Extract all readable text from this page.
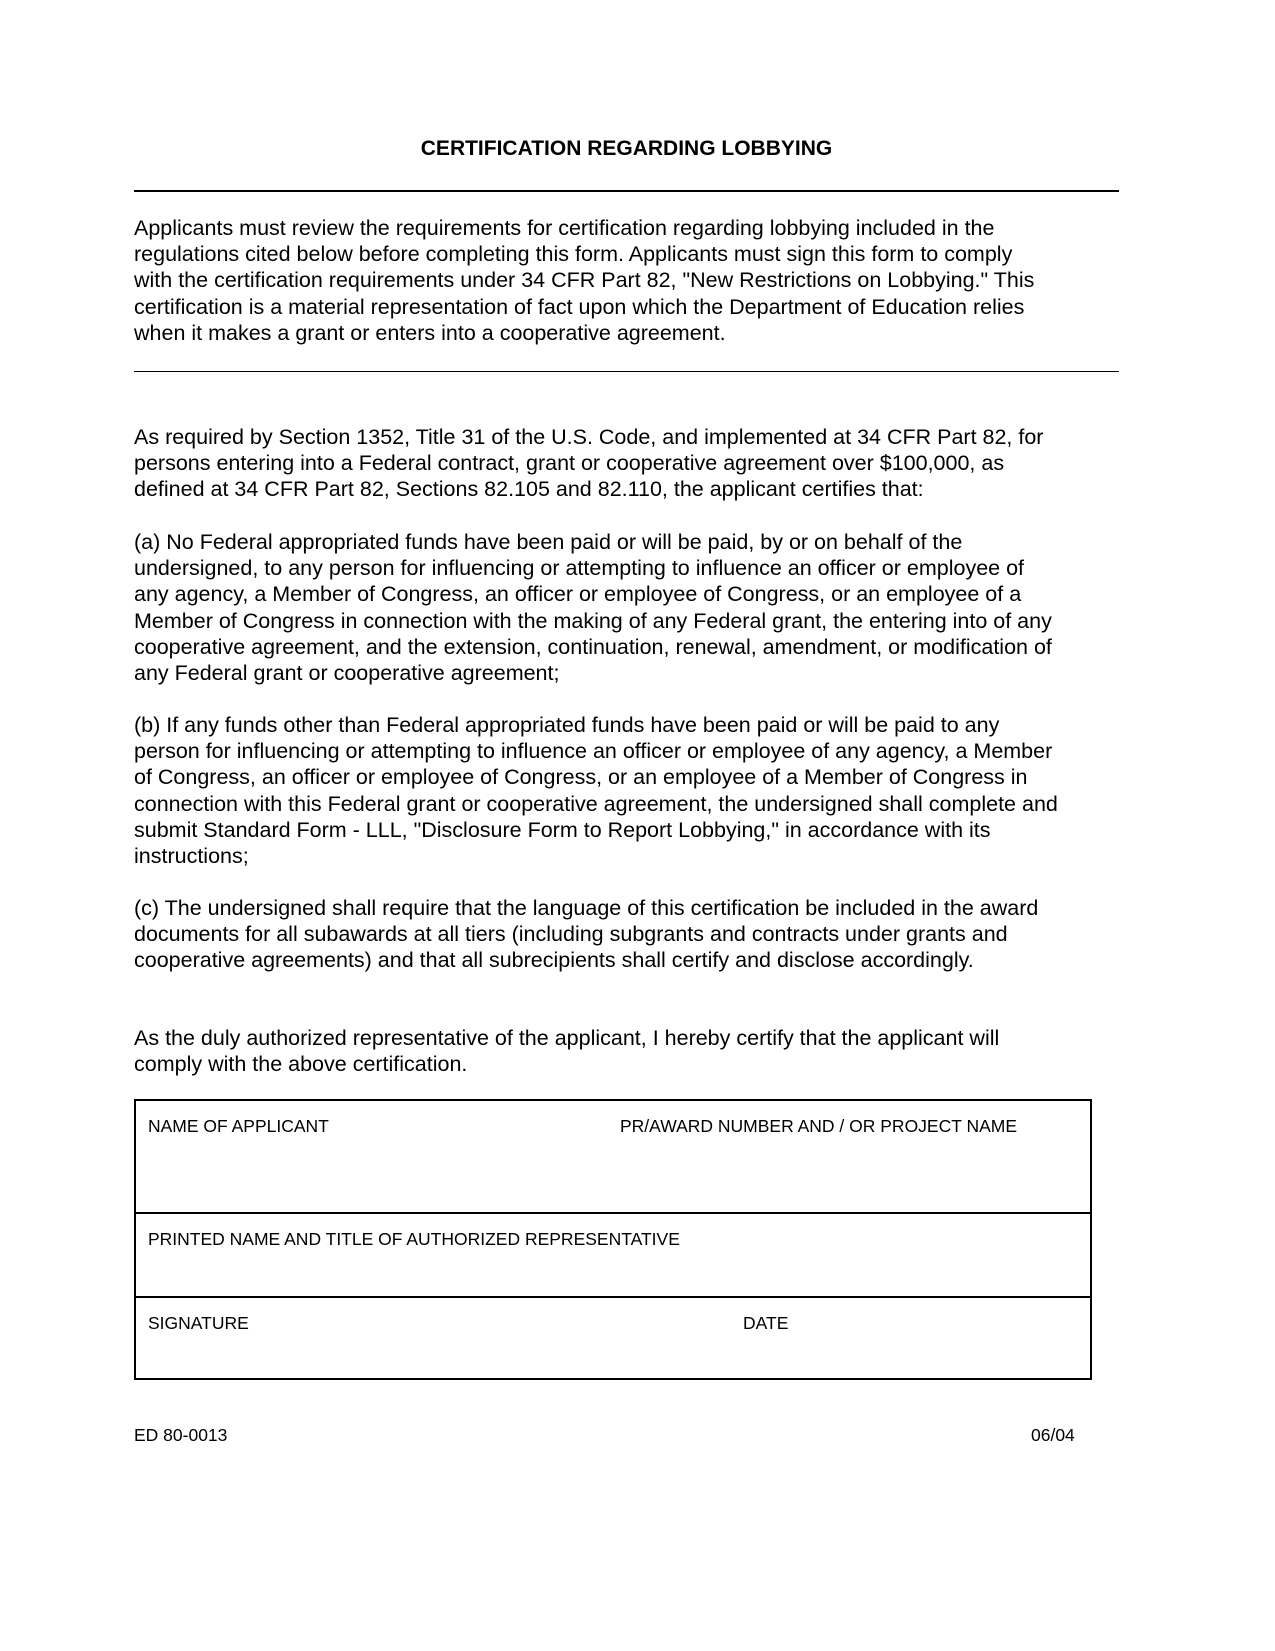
CERTIFICATION REGARDING LOBBYING

Applicants must review the requirements for certification regarding lobbying included in the
regulations cited below before completing this form. Applicants must sign this form to comply
with the certification requirements under 34 CFR Part 82, "New Restrictions on Lobbying." This
certification is a material representation of fact upon which the Department of Education relies
when it makes a grant or enters into a cooperative agreement.

As required by Section 1352, Title 31 of the U.S. Code, and implemented at 34 CFR Part 82, for
persons entering into a Federal contract, grant or cooperative agreement over $100,000, as
defined at 34 CFR Part 82, Sections 82.105 and 82.110, the applicant certifies that:

(a) No Federal appropriated funds have been paid or will be paid, by or on behalf of the
undersigned, to any person for influencing or attempting to influence an officer or employee of
any agency, a Member of Congress, an officer or employee of Congress, or an employee of a
Member of Congress in connection with the making of any Federal grant, the entering into of any
cooperative agreement, and the extension, continuation, renewal, amendment, or modification of
any Federal grant or cooperative agreement;

(b) If any funds other than Federal appropriated funds have been paid or will be paid to any
person for influencing or attempting to influence an officer or employee of any agency, a Member
of Congress, an officer or employee of Congress, or an employee of a Member of Congress in
connection with this Federal grant or cooperative agreement, the undersigned shall complete and
submit Standard Form - LLL, "Disclosure Form to Report Lobbying," in accordance with its
instructions;

(c) The undersigned shall require that the language of this certification be included in the award
documents for all subawards at all tiers (including subgrants and contracts under grants and
cooperative agreements) and that all subrecipients shall certify and disclose accordingly.

As the duly authorized representative of the applicant, I hereby certify that the applicant will
comply with the above certification.

NAME OF APPLICANT	PR/AWARD NUMBER AND / OR PROJECT NAME
PRINTED NAME AND TITLE OF AUTHORIZED REPRESENTATIVE
SIGNATURE	DATE
ED 80-0013	06/04
